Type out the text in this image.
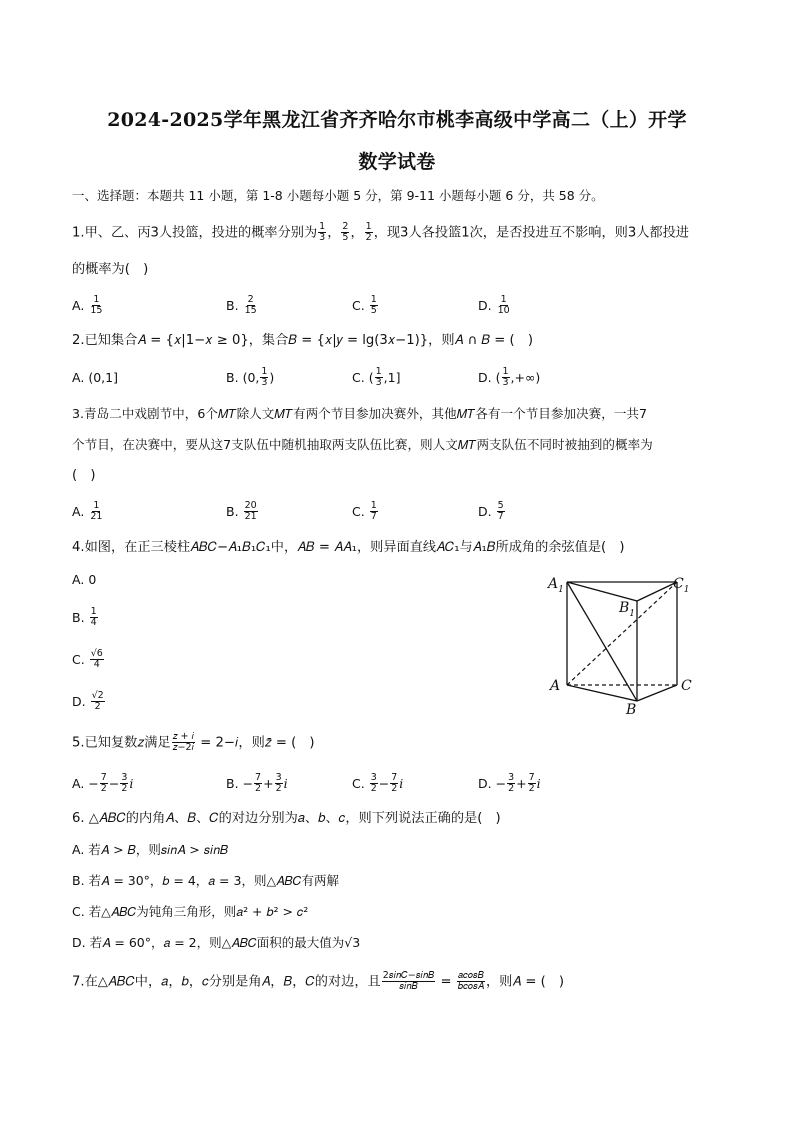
2024-2025学年黑龙江省齐齐哈尔市桃李高级中学高二（上）开学
数学试卷
一、选择题：本题共 11 小题，第 1-8 小题每小题 5 分，第 9-11 小题每小题 6 分，共 58 分。
1.甲、乙、丙3人投篮，投进的概率分别为 $\frac{1}{3}$ ， $\frac{2}{5}$ ， $\frac{1}{2}$ ，现3人各投篮1次，是否投进互不影响，则3人都投进
的概率为(　)
A. $\frac{1}{15}$	B. $\frac{2}{15}$	C. $\frac{1}{5}$	D. $\frac{1}{10}$
2.已知集合𝐴 = {𝑥|1−𝑥 ≥ 0}，集合𝐵 = {𝑥|𝑦 = lg(3𝑥−1)}，则𝐴 ∩ 𝐵 = (　)
A. (0,1]	B. (0, $\frac{1}{3}$ )	C. ( $\frac{1}{3} ,1$]	D. ( $\frac{1}{3}$ ,+∞)
3.青岛二中戏剧节中，6个𝑀𝑇除人文𝑀𝑇有两个节目参加决赛外，其他𝑀𝑇各有一个节目参加决赛，一共7
个节目，在决赛中，要从这7支队伍中随机抽取两支队伍比赛，则人文𝑀𝑇两支队伍不同时被抽到的概率为
(　)
A. $\frac{1}{21}$	B. $\frac{20}{21}$	C. $\frac{1}{7}$	D. $\frac{5}{7}$
4.如图，在正三棱柱𝐴𝐵𝐶−𝐴₁𝐵₁𝐶₁中，𝐴𝐵 = 𝐴𝐴₁，则异面直线𝐴𝐶₁与𝐴₁𝐵所成角的余弦值是(　)
A. 0
B. $\frac{1}{4}$
C. $\frac{√6}{4}$
D. $\frac{√2}{2}$
$A_1$
$B_1$
$C_1$
A
B
C
5.已知复数𝑧满足 $\frac{\text{𝑧 + 𝑖}}{\text{𝑧−2𝑖}}$ = 2−𝑖，则𝑧̄ = (　)
A. − $\frac{7}{2} - \frac{3}{2}$ 𝑖	B. − $\frac{7}{2} + \frac{3}{2}$ 𝑖	C. $\frac{3}{2} - \frac{7}{2}$ 𝑖	D. − $\frac{3}{2} + \frac{7}{2}$ 𝑖
6. △𝐴𝐵𝐶的内角𝐴、𝐵、𝐶的对边分别为𝑎、𝑏、𝑐，则下列说法正确的是(　)
A. 若𝐴 > 𝐵，则𝑠𝑖𝑛𝐴 > 𝑠𝑖𝑛𝐵
B. 若𝐴 = 30°，𝑏 = 4，𝑎 = 3，则△𝐴𝐵𝐶有两解
C. 若△𝐴𝐵𝐶为钝角三角形，则𝑎² + 𝑏² > 𝑐²
D. 若𝐴 = 60°，𝑎 = 2，则△𝐴𝐵𝐶面积的最大值为√3
7.在△𝐴𝐵𝐶中，𝑎，𝑏，𝑐分别是角𝐴，𝐵，𝐶的对边，且 $\frac{\text{2𝑠𝑖𝑛𝐶−𝑠𝑖𝑛𝐵}}{\text{𝑠𝑖𝑛𝐵}} = \frac{\text{𝑎𝑐𝑜𝑠𝐵}}{\text{𝑏𝑐𝑜𝑠𝐴}}$ ，则𝐴 = (　)
